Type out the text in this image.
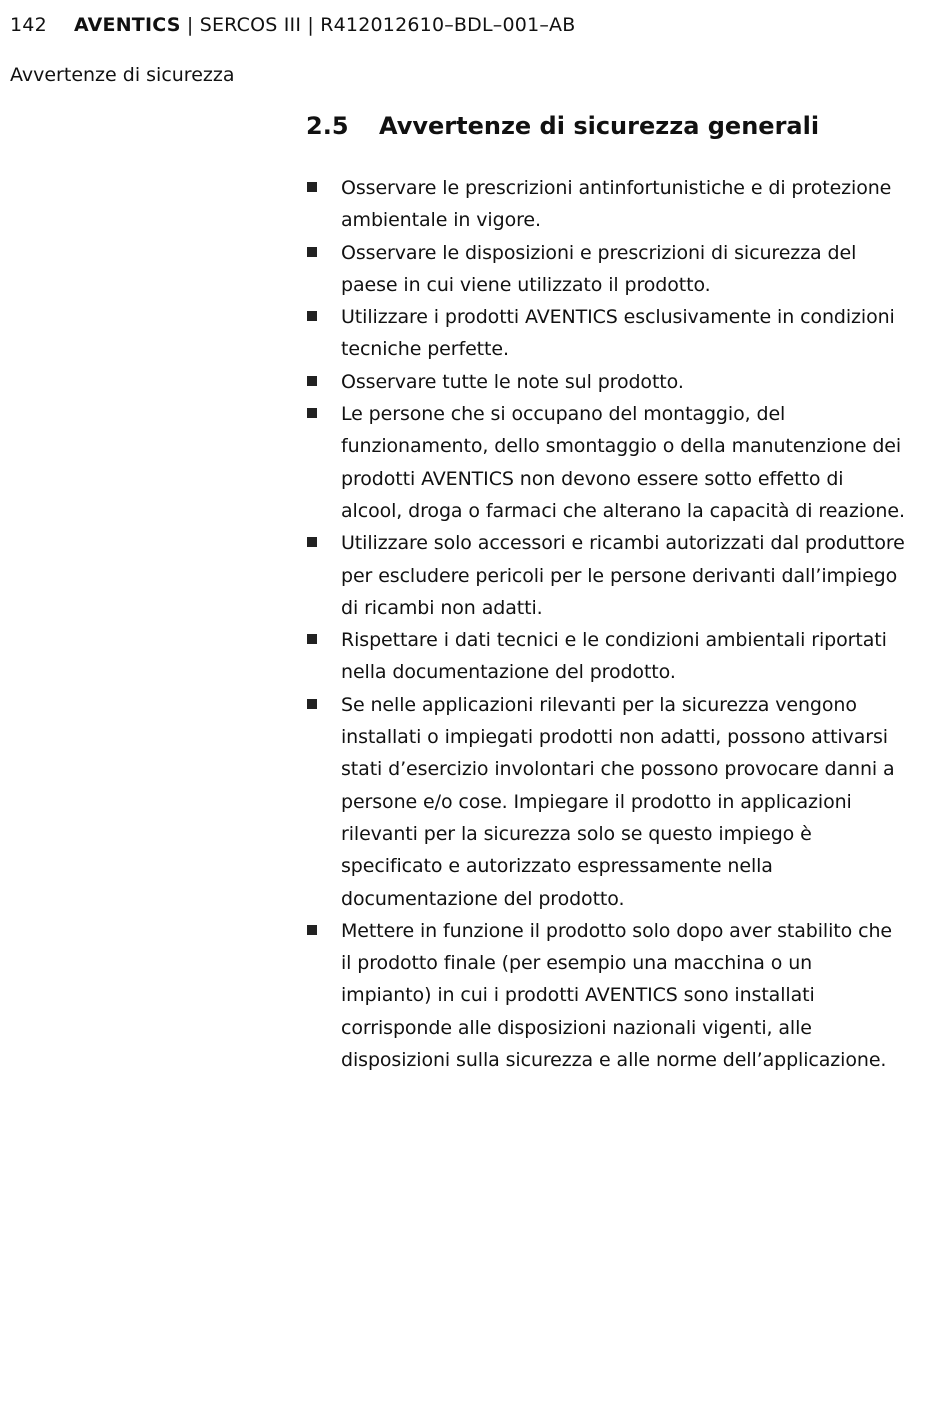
142 AVENTICS | SERCOS III | R412012610–BDL–001–AB
Avvertenze di sicurezza
2.5 Avvertenze di sicurezza generali
Osservare le prescrizioni antinfortunistiche e di protezione ambientale in vigore.
Osservare le disposizioni e prescrizioni di sicurezza del paese in cui viene utilizzato il prodotto.
Utilizzare i prodotti AVENTICS esclusivamente in condizioni tecniche perfette.
Osservare tutte le note sul prodotto.
Le persone che si occupano del montaggio, del funzionamento, dello smontaggio o della manutenzione dei prodotti AVENTICS non devono essere sotto effetto di alcool, droga o farmaci che alterano la capacità di reazione.
Utilizzare solo accessori e ricambi autorizzati dal produttore per escludere pericoli per le persone derivanti dall’impiego di ricambi non adatti.
Rispettare i dati tecnici e le condizioni ambientali riportati nella documentazione del prodotto.
Se nelle applicazioni rilevanti per la sicurezza vengono installati o impiegati prodotti non adatti, possono attivarsi stati d’esercizio involontari che possono provocare danni a persone e/o cose. Impiegare il prodotto in applicazioni rilevanti per la sicurezza solo se questo impiego è specificato e autorizzato espressamente nella documentazione del prodotto.
Mettere in funzione il prodotto solo dopo aver stabilito che il prodotto finale (per esempio una macchina o un impianto) in cui i prodotti AVENTICS sono installati corrisponde alle disposizioni nazionali vigenti, alle disposizioni sulla sicurezza e alle norme dell’applicazione.
